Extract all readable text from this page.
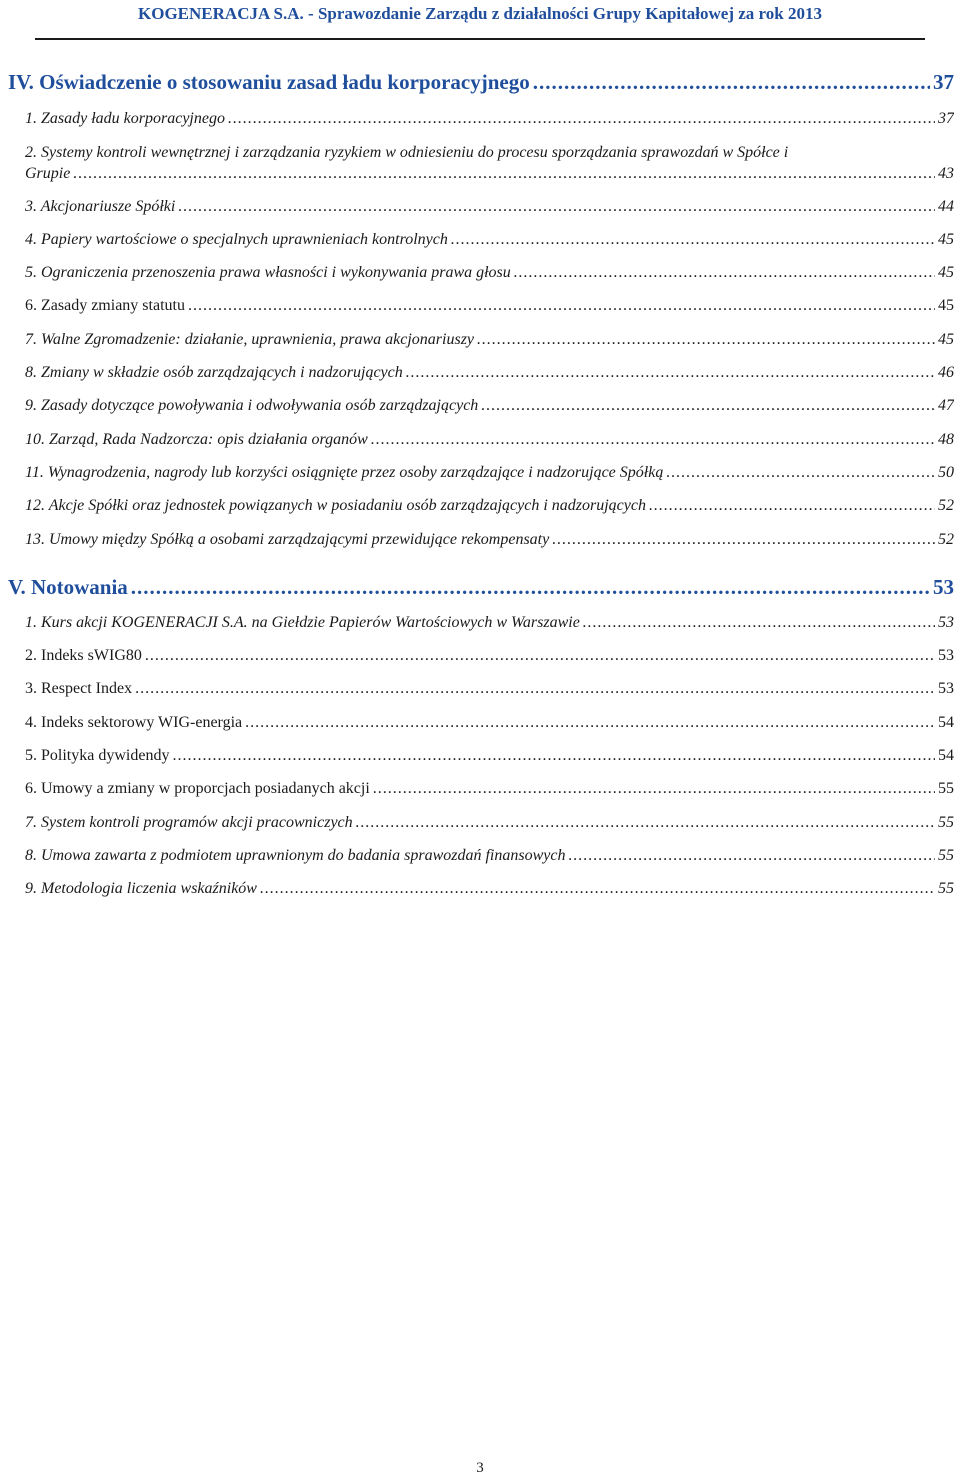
KOGENERACJA S.A. - Sprawozdanie Zarządu z działalności Grupy Kapitałowej za rok 2013
IV. Oświadczenie o stosowaniu zasad ładu korporacyjnego .....	37
1. Zasady ładu korporacyjnego .....	37
2. Systemy kontroli wewnętrznej i zarządzania ryzykiem w odniesieniu do procesu sporządzania sprawozdań w Spółce i
Grupie .....	43
3. Akcjonariusze Spółki .....	44
4. Papiery wartościowe o specjalnych uprawnieniach kontrolnych .....	45
5. Ograniczenia przenoszenia prawa własności i wykonywania prawa głosu .....	45
6. Zasady zmiany statutu .....	45
7. Walne Zgromadzenie: działanie, uprawnienia, prawa akcjonariuszy .....	45
8. Zmiany w składzie osób zarządzających i nadzorujących .....	46
9. Zasady dotyczące powoływania i odwoływania osób zarządzających .....	47
10. Zarząd, Rada Nadzorcza: opis działania organów .....	48
11. Wynagrodzenia, nagrody lub korzyści osiągnięte przez osoby zarządzające i nadzorujące Spółką .....	50
12. Akcje Spółki oraz jednostek powiązanych w posiadaniu osób zarządzających i nadzorujących .....	52
13. Umowy między Spółką a osobami zarządzającymi przewidujące rekompensaty .....	52
V. Notowania .....	53
1. Kurs akcji KOGENERACJI S.A. na Giełdzie Papierów Wartościowych w Warszawie .....	53
2. Indeks sWIG80 .....	53
3. Respect Index .....	53
4. Indeks sektorowy WIG-energia .....	54
5. Polityka dywidendy .....	54
6. Umowy a zmiany w proporcjach posiadanych akcji .....	55
7. System kontroli programów akcji pracowniczych .....	55
8. Umowa zawarta z podmiotem uprawnionym do badania sprawozdań finansowych .....	55
9. Metodologia liczenia wskaźników .....	55
3
